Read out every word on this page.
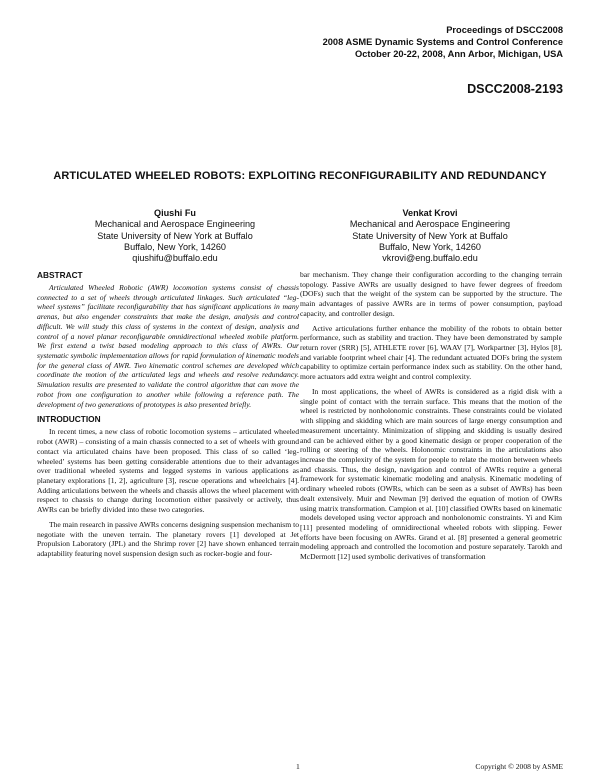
Proceedings of DSCC2008
2008 ASME Dynamic Systems and Control Conference
October 20-22, 2008, Ann Arbor, Michigan, USA
DSCC2008-2193
ARTICULATED WHEELED ROBOTS: EXPLOITING RECONFIGURABILITY AND REDUNDANCY
Qiushi Fu
Mechanical and Aerospace Engineering
State University of New York at Buffalo
Buffalo, New York, 14260
qiushifu@buffalo.edu
Venkat Krovi
Mechanical and Aerospace Engineering
State University of New York at Buffalo
Buffalo, New York, 14260
vkrovi@eng.buffalo.edu
ABSTRACT

Articulated Wheeled Robotic (AWR) locomotion systems consist of chassis connected to a set of wheels through articulated linkages. Such articulated “leg-wheel systems” facilitate reconfigurability that has significant applications in many arenas, but also engender constraints that make the design, analysis and control difficult. We will study this class of systems in the context of design, analysis and control of a novel planar reconfigurable omnidirectional wheeled mobile platform. We first extend a twist based modeling approach to this class of AWRs. Our systematic symbolic implementation allows for rapid formulation of kinematic models for the general class of AWR. Two kinematic control schemes are developed which coordinate the motion of the articulated legs and wheels and resolve redundancy. Simulation results are presented to validate the control algorithm that can move the robot from one configuration to another while following a reference path. The development of two generations of prototypes is also presented briefly.

INTRODUCTION

In recent times, a new class of robotic locomotion systems – articulated wheeled robot (AWR) – consisting of a main chassis connected to a set of wheels with ground contact via articulated chains have been proposed. This class of so called ‘leg-wheeled’ systems has been getting considerable attentions due to their advantages over traditional wheeled systems and legged systems in various applications as planetary explorations [1, 2], agriculture [3], rescue operations and wheelchairs [4]. Adding articulations between the wheels and chassis allows the wheel placement with respect to chassis to change during locomotion either passively or actively, thus AWRs can be briefly divided into these two categories.

The main research in passive AWRs concerns designing suspension mechanism to negotiate with the uneven terrain. The planetary rovers [1] developed at Jet Propulsion Laboratory (JPL) and the Shrimp rover [2] have shown enhanced terrain adaptability featuring novel suspension design such as rocker-bogie and four-

bar mechanism. They change their configuration according to the changing terrain topology. Passive AWRs are usually designed to have fewer degrees of freedom (DOFs) such that the weight of the system can be supported by the structure. The main advantages of passive AWRs are in terms of power consumption, payload capacity, and controller design.

Active articulations further enhance the mobility of the robots to obtain better performance, such as stability and traction. They have been demonstrated by sample return rover (SRR) [5], ATHLETE rover [6], WAAV [7], Workpartner [3], Hylos [8], and variable footprint wheel chair [4]. The redundant actuated DOFs bring the system capability to optimize certain performance index such as stability. On the other hand, more actuators add extra weight and control complexity.

In most applications, the wheel of AWRs is considered as a rigid disk with a single point of contact with the terrain surface. This means that the motion of the wheel is restricted by nonholonomic constraints. These constraints could be violated with slipping and skidding which are main sources of large energy consumption and measurement uncertainty. Minimization of slipping and skidding is usually desired and can be achieved either by a good kinematic design or proper cooperation of the rolling or steering of the wheels. Holonomic constraints in the articulations also increase the complexity of the system for people to relate the motion between wheels and chassis. Thus, the design, navigation and control of AWRs require a general framework for systematic kinematic modeling and analysis. Kinematic modeling of ordinary wheeled robots (OWRs, which can be seen as a subset of AWRs) has been dealt extensively. Muir and Newman [9] derived the equation of motion of OWRs using matrix transformation. Campion et al. [10] classified OWRs based on kinematic models developed using vector approach and nonholonomic constraints. Yi and Kim [11] presented modeling of omnidirectional wheeled robots with slipping. Fewer efforts have been focusing on AWRs. Grand et al. [8] presented a general geometric modeling approach and controlled the locomotion and posture separately. Tarokh and McDermott [12] used symbolic derivatives of transformation

1	Copyright © 2008 by ASME
